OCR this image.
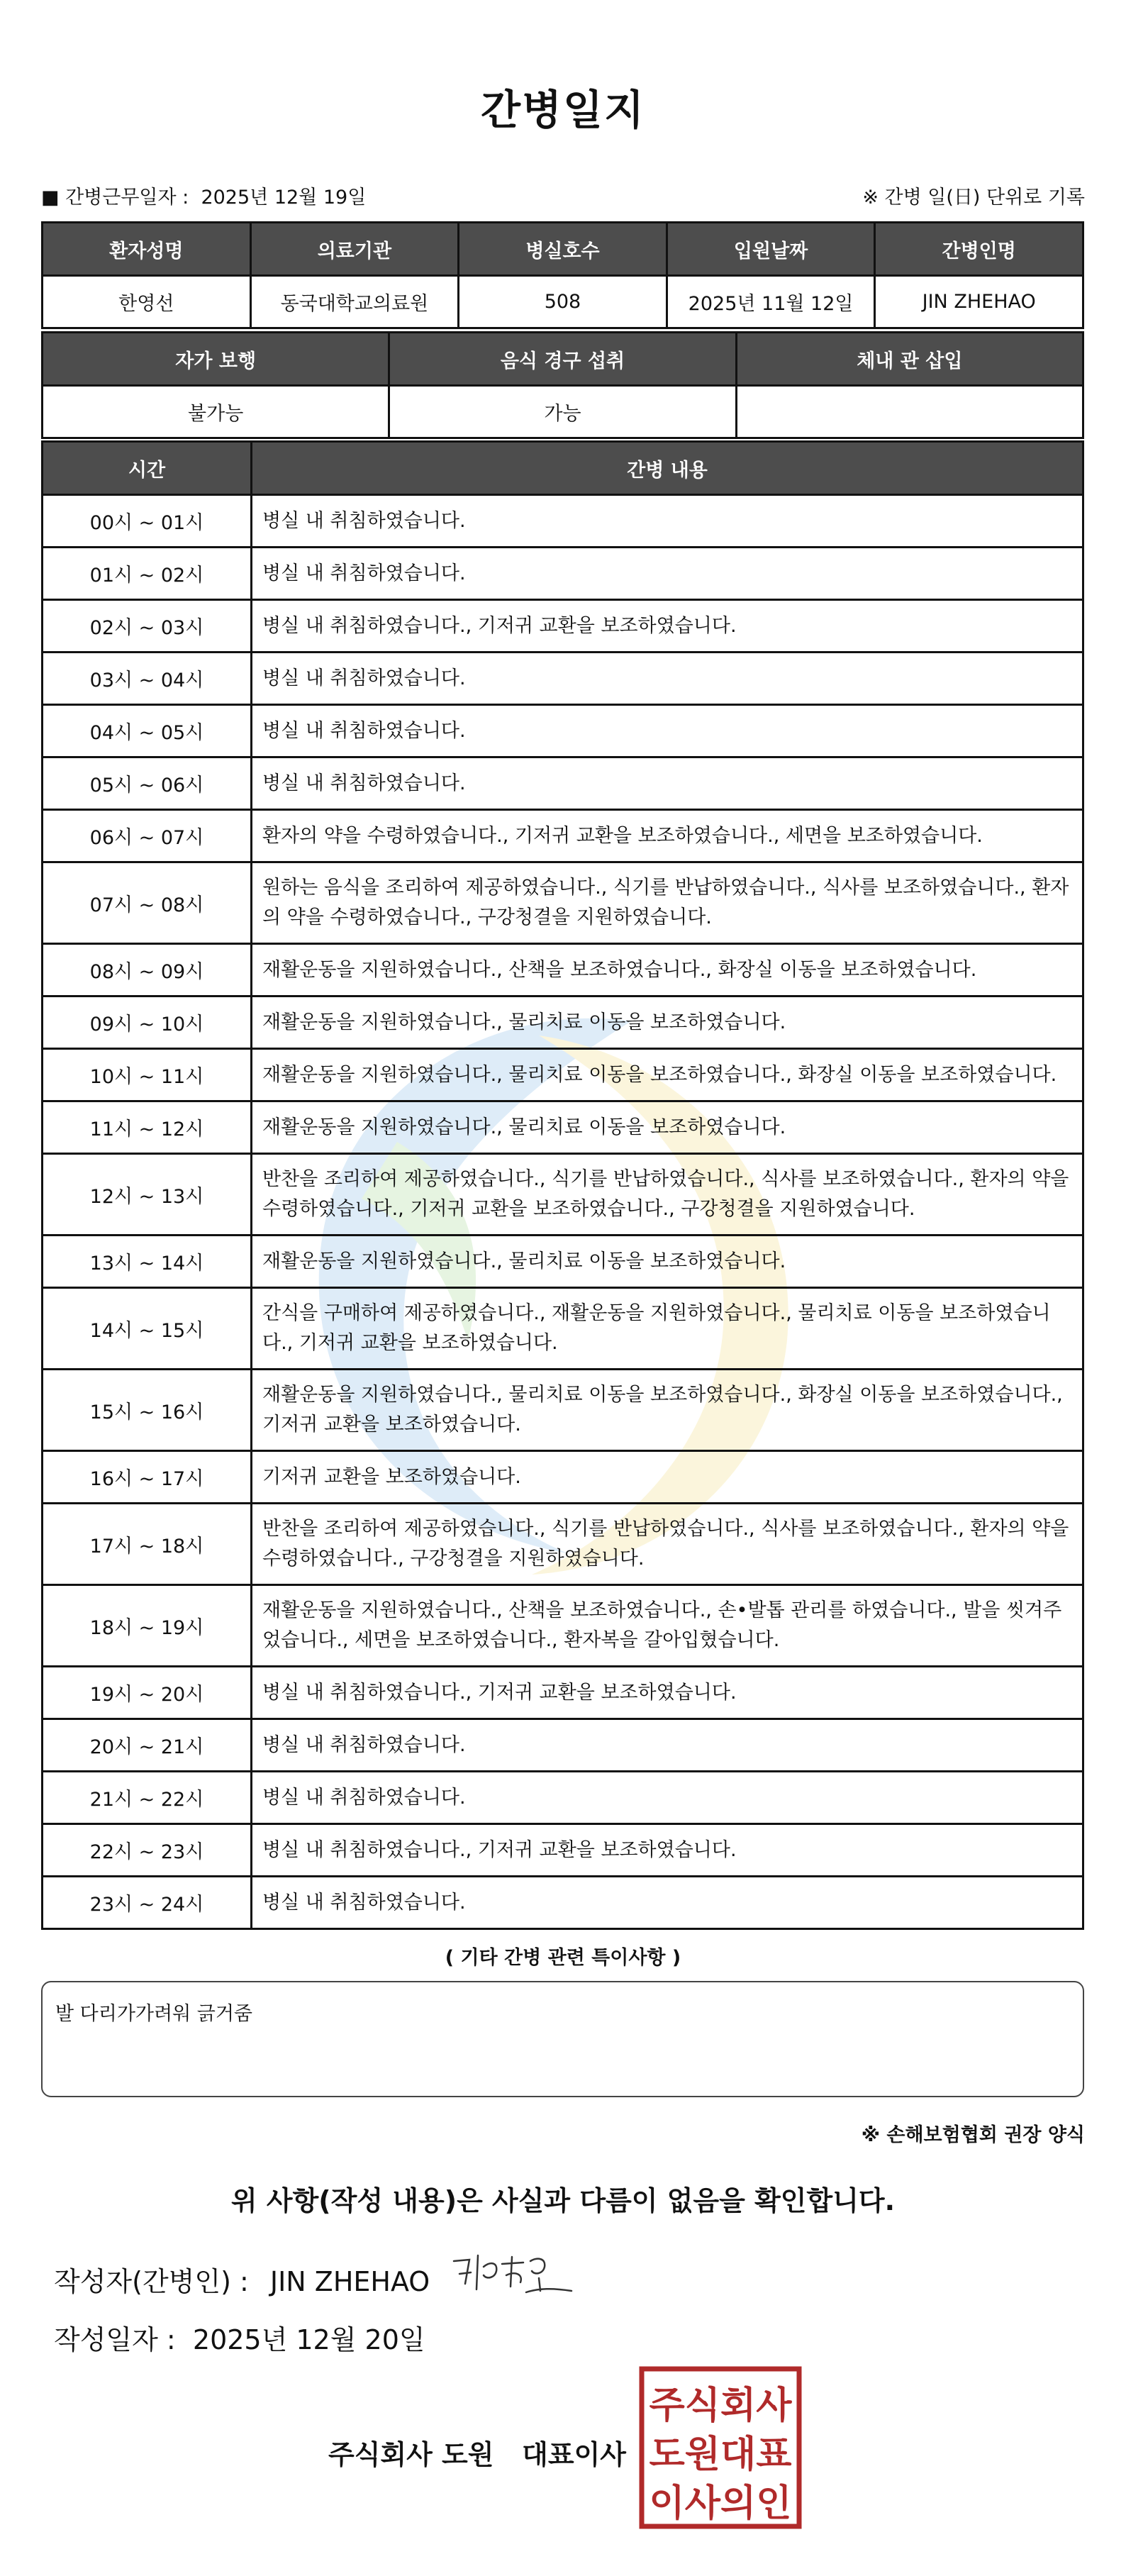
간병일지
■ 간병근무일자 : 2025년 12월 19일	※ 간병 일(日) 단위로 기록
환자성명	의료기관	병실호수	입원날짜	간병인명
한영선	동국대학교의료원	508	2025년 11월 12일	JIN ZHEHAO
자가 보행	음식 경구 섭취	체내 관 삽입
불가능	가능	
시간	간병 내용
00시 ~ 01시	병실 내 취침하였습니다.
01시 ~ 02시	병실 내 취침하였습니다.
02시 ~ 03시	병실 내 취침하였습니다., 기저귀 교환을 보조하였습니다.
03시 ~ 04시	병실 내 취침하였습니다.
04시 ~ 05시	병실 내 취침하였습니다.
05시 ~ 06시	병실 내 취침하였습니다.
06시 ~ 07시	환자의 약을 수령하였습니다., 기저귀 교환을 보조하였습니다., 세면을 보조하였습니다.
07시 ~ 08시	원하는 음식을 조리하여 제공하였습니다., 식기를 반납하였습니다., 식사를 보조하였습니다., 환자의 약을 수령하였습니다., 구강청결을 지원하였습니다.
08시 ~ 09시	재활운동을 지원하였습니다., 산책을 보조하였습니다., 화장실 이동을 보조하였습니다.
09시 ~ 10시	재활운동을 지원하였습니다., 물리치료 이동을 보조하였습니다.
10시 ~ 11시	재활운동을 지원하였습니다., 물리치료 이동을 보조하였습니다., 화장실 이동을 보조하였습니다.
11시 ~ 12시	재활운동을 지원하였습니다., 물리치료 이동을 보조하였습니다.
12시 ~ 13시	반찬을 조리하여 제공하였습니다., 식기를 반납하였습니다., 식사를 보조하였습니다., 환자의 약을 수령하였습니다., 기저귀 교환을 보조하였습니다., 구강청결을 지원하였습니다.
13시 ~ 14시	재활운동을 지원하였습니다., 물리치료 이동을 보조하였습니다.
14시 ~ 15시	간식을 구매하여 제공하였습니다., 재활운동을 지원하였습니다., 물리치료 이동을 보조하였습니다., 기저귀 교환을 보조하였습니다.
15시 ~ 16시	재활운동을 지원하였습니다., 물리치료 이동을 보조하였습니다., 화장실 이동을 보조하였습니다., 기저귀 교환을 보조하였습니다.
16시 ~ 17시	기저귀 교환을 보조하였습니다.
17시 ~ 18시	반찬을 조리하여 제공하였습니다., 식기를 반납하였습니다., 식사를 보조하였습니다., 환자의 약을 수령하였습니다., 구강청결을 지원하였습니다.
18시 ~ 19시	재활운동을 지원하였습니다., 산책을 보조하였습니다., 손•발톱 관리를 하였습니다., 발을 씻겨주었습니다., 세면을 보조하였습니다., 환자복을 갈아입혔습니다.
19시 ~ 20시	병실 내 취침하였습니다., 기저귀 교환을 보조하였습니다.
20시 ~ 21시	병실 내 취침하였습니다.
21시 ~ 22시	병실 내 취침하였습니다.
22시 ~ 23시	병실 내 취침하였습니다., 기저귀 교환을 보조하였습니다.
23시 ~ 24시	병실 내 취침하였습니다.
( 기타 간병 관련 특이사항 )
발 다리가가려워 긁거줌
※ 손해보험협회 권장 양식
위 사항(작성 내용)은 사실과 다름이 없음을 확인합니다.
작성자(간병인) : JIN ZHEHAO
작성일자 : 2025년 12월 20일
주식회사 도원   대표이사
주식회사
도원대표
이사의인
